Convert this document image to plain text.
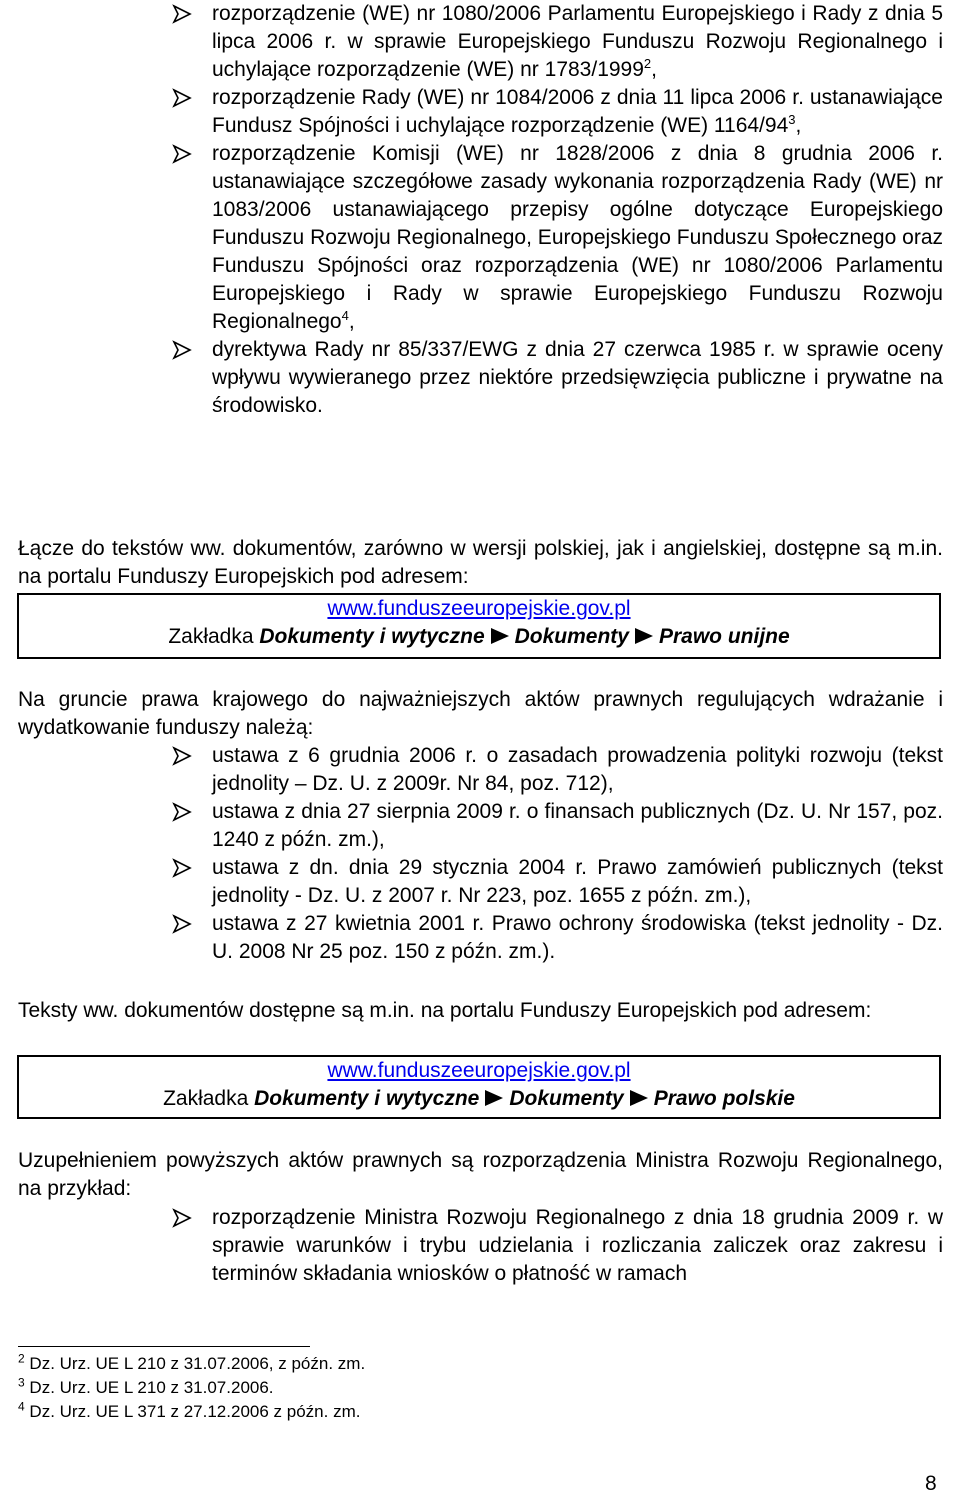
rozporządzenie (WE) nr 1080/2006 Parlamentu Europejskiego i Rady z dnia 5 lipca 2006 r. w sprawie Europejskiego Funduszu Rozwoju Regionalnego i uchylające rozporządzenie (WE) nr 1783/1999$^2$,
rozporządzenie Rady (WE) nr 1084/2006 z dnia 11 lipca 2006 r. ustanawiające Fundusz Spójności i uchylające rozporządzenie (WE) $1164/94^3$,
rozporządzenie Komisji (WE) nr 1828/2006 z dnia 8 grudnia 2006 r. ustanawiające szczegółowe zasady wykonania rozporządzenia Rady (WE) nr 1083/2006 ustanawiającego przepisy ogólne dotyczące Europejskiego Funduszu Rozwoju Regionalnego, Europejskiego Funduszu Społecznego oraz Funduszu Spójności oraz rozporządzenia (WE) nr 1080/2006 Parlamentu Europejskiego i Rady w sprawie Europejskiego Funduszu Rozwoju Regionalnego$^4$,
dyrektywa Rady nr 85/337/EWG z dnia 27 czerwca 1985 r. w sprawie oceny wpływu wywieranego przez niektóre przedsięwzięcia publiczne i prywatne na środowisko.

Łącze do tekstów ww. dokumentów, zarówno w wersji polskiej, jak i angielskiej, dostępne są m.in. na portalu Funduszy Europejskich pod adresem:

www.funduszeeuropejskie.gov.pl
Zakładka Dokumenty i wytyczne Dokumenty Prawo unijne

Na gruncie prawa krajowego do najważniejszych aktów prawnych regulujących wdrażanie i wydatkowanie funduszy należą:

ustawa z 6 grudnia 2006 r. o zasadach prowadzenia polityki rozwoju (tekst jednolity – Dz. U. z 2009r. Nr 84, poz. 712),
ustawa z dnia 27 sierpnia 2009 r. o finansach publicznych (Dz. U. Nr 157, poz. 1240 z późn. zm.),
ustawa z dn. dnia 29 stycznia 2004 r. Prawo zamówień publicznych (tekst jednolity - Dz. U. z 2007 r. Nr 223, poz. 1655 z późn. zm.),
ustawa z 27 kwietnia 2001 r. Prawo ochrony środowiska (tekst jednolity - Dz. U. 2008 Nr 25 poz. 150 z późn. zm.).

Teksty ww. dokumentów dostępne są m.in. na portalu Funduszy Europejskich pod adresem:

www.funduszeeuropejskie.gov.pl
Zakładka Dokumenty i wytyczne Dokumenty Prawo polskie

Uzupełnieniem powyższych aktów prawnych są rozporządzenia Ministra Rozwoju Regionalnego, na przykład:

rozporządzenie Ministra Rozwoju Regionalnego z dnia 18 grudnia 2009 r. w sprawie warunków i trybu udzielania i rozliczania zaliczek oraz zakresu i terminów składania wniosków o płatność w ramach
$^2$ Dz. Urz. UE L 210 z 31.07.2006, z późn. zm.
$^3$ Dz. Urz. UE L 210 z 31.07.2006.
$^4$ Dz. Urz. UE L 371 z 27.12.2006 z późn. zm.
8
